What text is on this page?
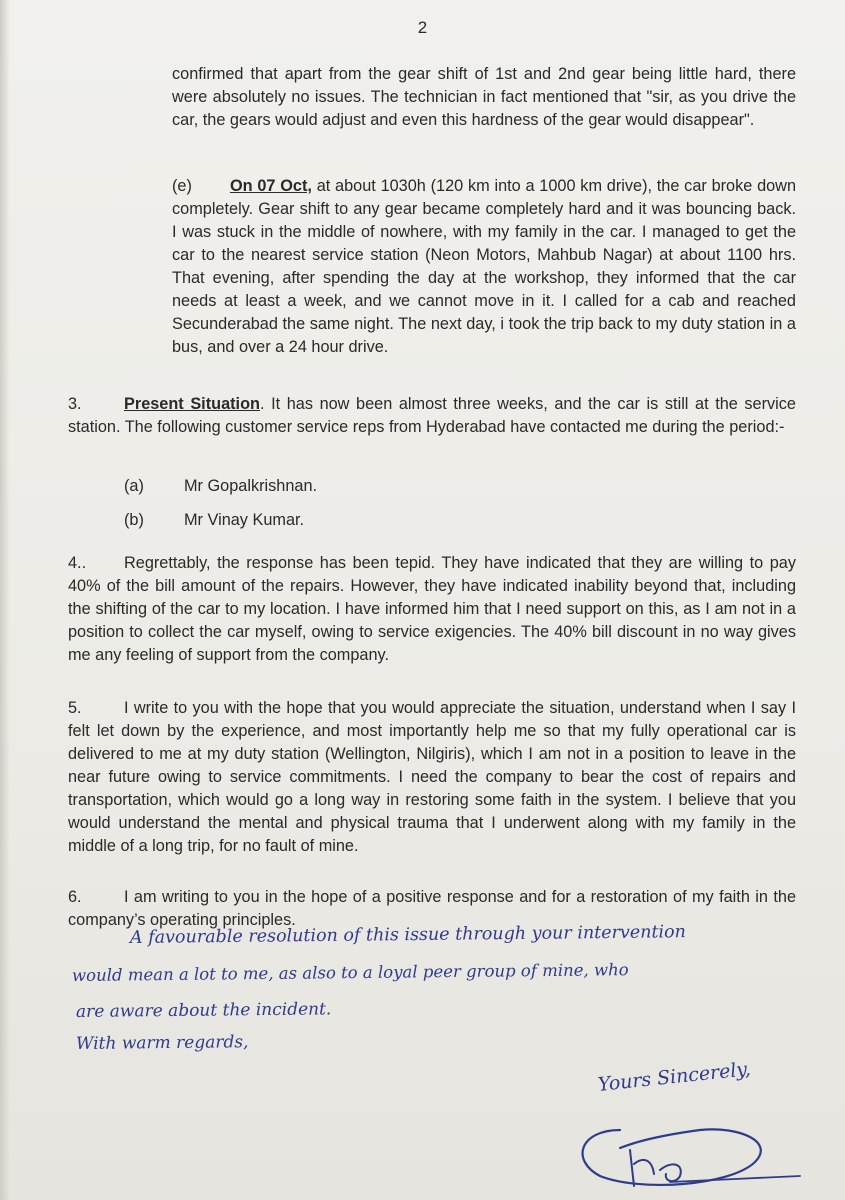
2

confirmed that apart from the gear shift of 1st and 2nd gear being little hard, there were absolutely no issues. The technician in fact mentioned that "sir, as you drive the car, the gears would adjust and even this hardness of the gear would disappear".

(e) On 07 Oct, at about 1030h (120 km into a 1000 km drive), the car broke down completely. Gear shift to any gear became completely hard and it was bouncing back. I was stuck in the middle of nowhere, with my family in the car. I managed to get the car to the nearest service station (Neon Motors, Mahbub Nagar) at about 1100 hrs. That evening, after spending the day at the workshop, they informed that the car needs at least a week, and we cannot move in it. I called for a cab and reached Secunderabad the same night. The next day, i took the trip back to my duty station in a bus, and over a 24 hour drive.

3.	Present Situation. It has now been almost three weeks, and the car is still at the service station. The following customer service reps from Hyderabad have contacted me during the period:-

(a) Mr Gopalkrishnan.
(b) Mr Vinay Kumar.

4.. Regrettably, the response has been tepid. They have indicated that they are willing to pay 40% of the bill amount of the repairs. However, they have indicated inability beyond that, including the shifting of the car to my location. I have informed him that I need support on this, as I am not in a position to collect the car myself, owing to service exigencies. The 40% bill discount in no way gives me any feeling of support from the company.

5.	I write to you with the hope that you would appreciate the situation, understand when I say I felt let down by the experience, and most importantly help me so that my fully operational car is delivered to me at my duty station (Wellington, Nilgiris), which I am not in a position to leave in the near future owing to service commitments. I need the company to bear the cost of repairs and transportation, which would go a long way in restoring some faith in the system. I believe that you would understand the mental and physical trauma that I underwent along with my family in the middle of a long trip, for no fault of mine.

6.	I am writing to you in the hope of a positive response and for a restoration of my faith in the company’s operating principles.

A favourable resolution of this issue through your intervention
would mean a lot to me, as also to a loyal peer group of mine, who
are aware about the incident.
With warm regards,
Yours Sincerely,
